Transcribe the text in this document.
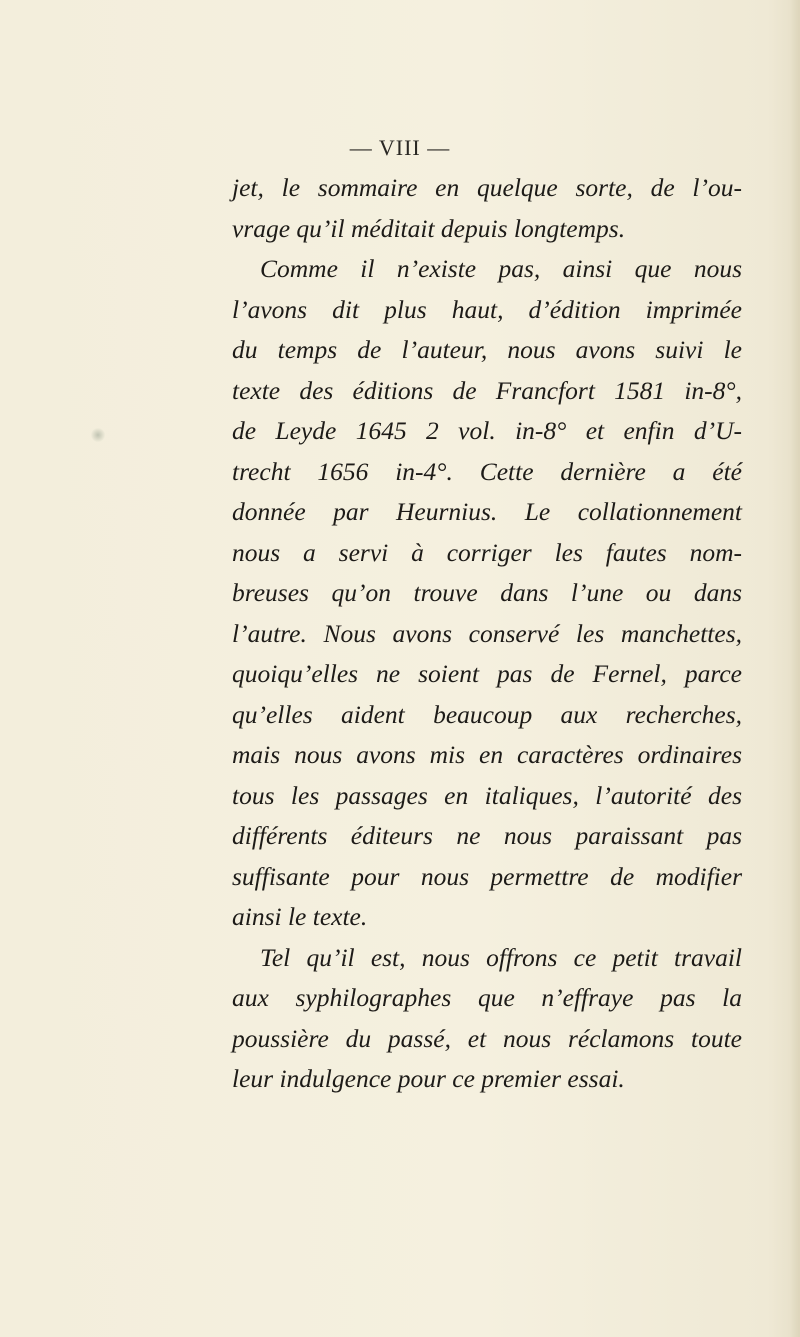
— VIII —
jet, le sommaire en quelque sorte, de l’ou-
vrage qu’il méditait depuis longtemps.
Comme il n’existe pas, ainsi que nous
l’avons dit plus haut, d’édition imprimée
du temps de l’auteur, nous avons suivi le
texte des éditions de Francfort 1581 in-8°,
de Leyde 1645 2 vol. in-8° et enfin d’U-
trecht 1656 in-4°. Cette dernière a été
donnée par Heurnius. Le collationnement
nous a servi à corriger les fautes nom-
breuses qu’on trouve dans l’une ou dans
l’autre. Nous avons conservé les manchettes,
quoiqu’elles ne soient pas de Fernel, parce
qu’elles aident beaucoup aux recherches,
mais nous avons mis en caractères ordinaires
tous les passages en italiques, l’autorité des
différents éditeurs ne nous paraissant pas
suffisante pour nous permettre de modifier
ainsi le texte.
Tel qu’il est, nous offrons ce petit travail
aux syphilographes que n’effraye pas la
poussière du passé, et nous réclamons toute
leur indulgence pour ce premier essai.
